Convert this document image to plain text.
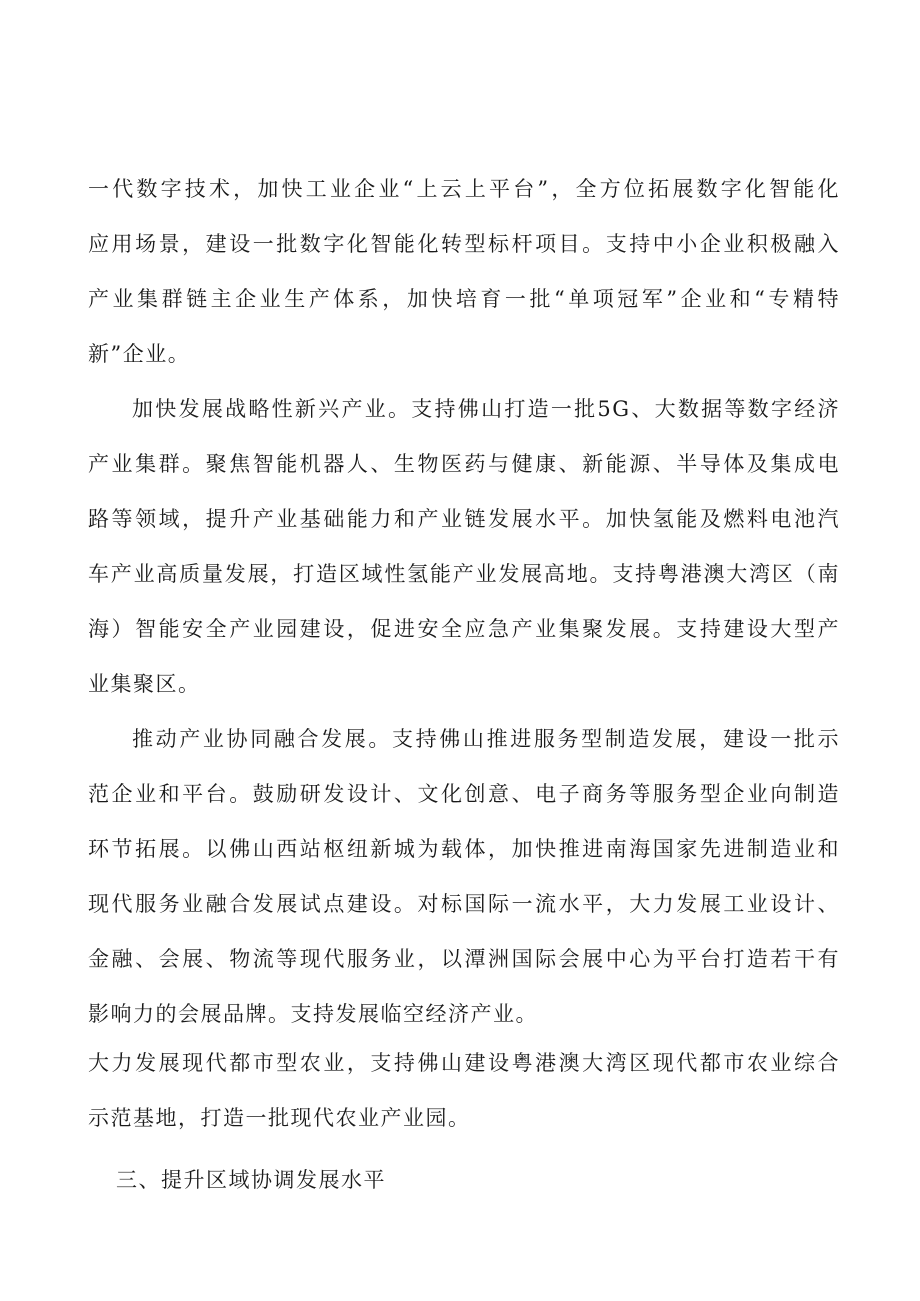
一代数字技术，加快工业企业“上云上平台”，全方位拓展数字化智能化

应用场景，建设一批数字化智能化转型标杆项目。支持中小企业积极融入

产业集群链主企业生产体系，加快培育一批“单项冠军”企业和“专精特

新”企业。

加快发展战略性新兴产业。支持佛山打造一批5G、大数据等数字经济

产业集群。聚焦智能机器人、生物医药与健康、新能源、半导体及集成电

路等领域，提升产业基础能力和产业链发展水平。加快氢能及燃料电池汽

车产业高质量发展，打造区域性氢能产业发展高地。支持粤港澳大湾区（南

海）智能安全产业园建设，促进安全应急产业集聚发展。支持建设大型产

业集聚区。

推动产业协同融合发展。支持佛山推进服务型制造发展，建设一批示

范企业和平台。鼓励研发设计、文化创意、电子商务等服务型企业向制造

环节拓展。以佛山西站枢纽新城为载体，加快推进南海国家先进制造业和

现代服务业融合发展试点建设。对标国际一流水平，大力发展工业设计、

金融、会展、物流等现代服务业，以潭洲国际会展中心为平台打造若干有

影响力的会展品牌。支持发展临空经济产业。

大力发展现代都市型农业，支持佛山建设粤港澳大湾区现代都市农业综合

示范基地，打造一批现代农业产业园。

三、提升区域协调发展水平
